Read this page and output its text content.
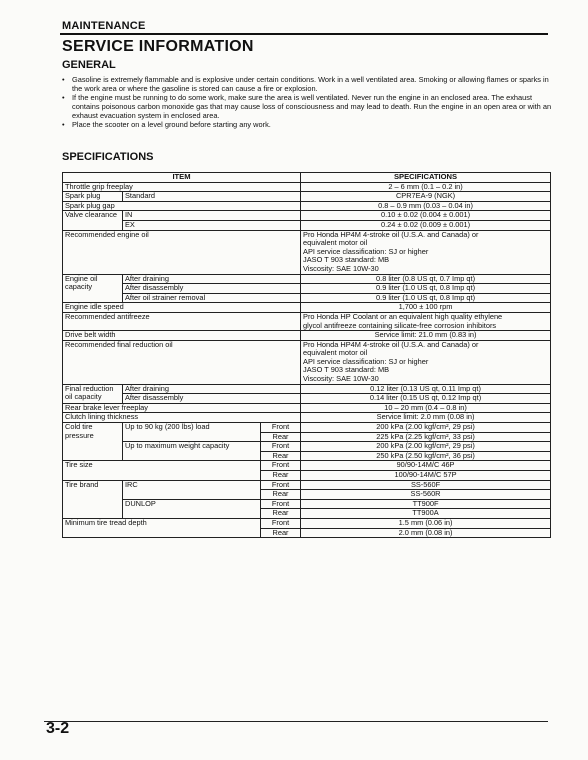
MAINTENANCE
SERVICE INFORMATION
GENERAL
• Gasoline is extremely flammable and is explosive under certain conditions. Work in a well ventilated area. Smoking or allowing flames or sparks in the work area or where the gasoline is stored can cause a fire or explosion.
• If the engine must be running to do some work, make sure the area is well ventilated. Never run the engine in an enclosed area. The exhaust contains poisonous carbon monoxide gas that may cause loss of consciousness and may lead to death. Run the engine in an open area or with an exhaust evacuation system in enclosed area.
• Place the scooter on a level ground before starting any work.
SPECIFICATIONS
ITEM			SPECIFICATIONS
Throttle grip freeplay			2 – 6 mm (0.1 – 0.2 in)
Spark plug	Standard		CPR7EA-9 (NGK)
Spark plug gap			0.8 – 0.9 mm (0.03 – 0.04 in)
Valve clearance	IN		0.10 ± 0.02 (0.004 ± 0.001)
	EX		0.24 ± 0.02 (0.009 ± 0.001)
Recommended engine oil			Pro Honda HP4M 4-stroke oil (U.S.A. and Canada) or
equivalent motor oil
API service classification: SJ or higher
JASO T 903 standard: MB
Viscosity: SAE 10W-30

Engine oil capacity	After draining		0.8 liter (0.8 US qt, 0.7 Imp qt)
	After disassembly		0.9 liter (1.0 US qt, 0.8 Imp qt)
	After oil strainer removal		0.9 liter (1.0 US qt, 0.8 Imp qt)
Engine idle speed			1,700 ± 100 rpm
Recommended antifreeze			Pro Honda HP Coolant or an equivalent high quality ethylene
glycol antifreeze containing silicate-free corrosion inhibitors

Drive belt width			Service limit: 21.0 mm (0.83 in)
Recommended final reduction oil			Pro Honda HP4M 4-stroke oil (U.S.A. and Canada) or
equivalent motor oil
API service classification: SJ or higher
JASO T 903 standard: MB
Viscosity: SAE 10W-30

Final reduction oil capacity	After draining		0.12 liter (0.13 US qt, 0.11 Imp qt)
	After disassembly		0.14 liter (0.15 US qt, 0.12 Imp qt)
Rear brake lever freeplay			10 – 20 mm (0.4 – 0.8 in)
Clutch lining thickness			Service limit: 2.0 mm (0.08 in)
Cold tire pressure	Up to 90 kg (200 lbs) load	Front	200 kPa (2.00 kgf/cm², 29 psi)
		Rear	225 kPa (2.25 kgf/cm², 33 psi)
	Up to maximum weight capacity	Front	200 kPa (2.00 kgf/cm², 29 psi)
		Rear	250 kPa (2.50 kgf/cm², 36 psi)
Tire size		Front	90/90-14M/C 46P
		Rear	100/90-14M/C 57P
Tire brand	IRC	Front	SS-560F
		Rear	SS-560R
	DUNLOP	Front	TT900F
		Rear	TT900A
Minimum tire tread depth		Front	1.5 mm (0.06 in)
		Rear	2.0 mm (0.08 in)
3-2
